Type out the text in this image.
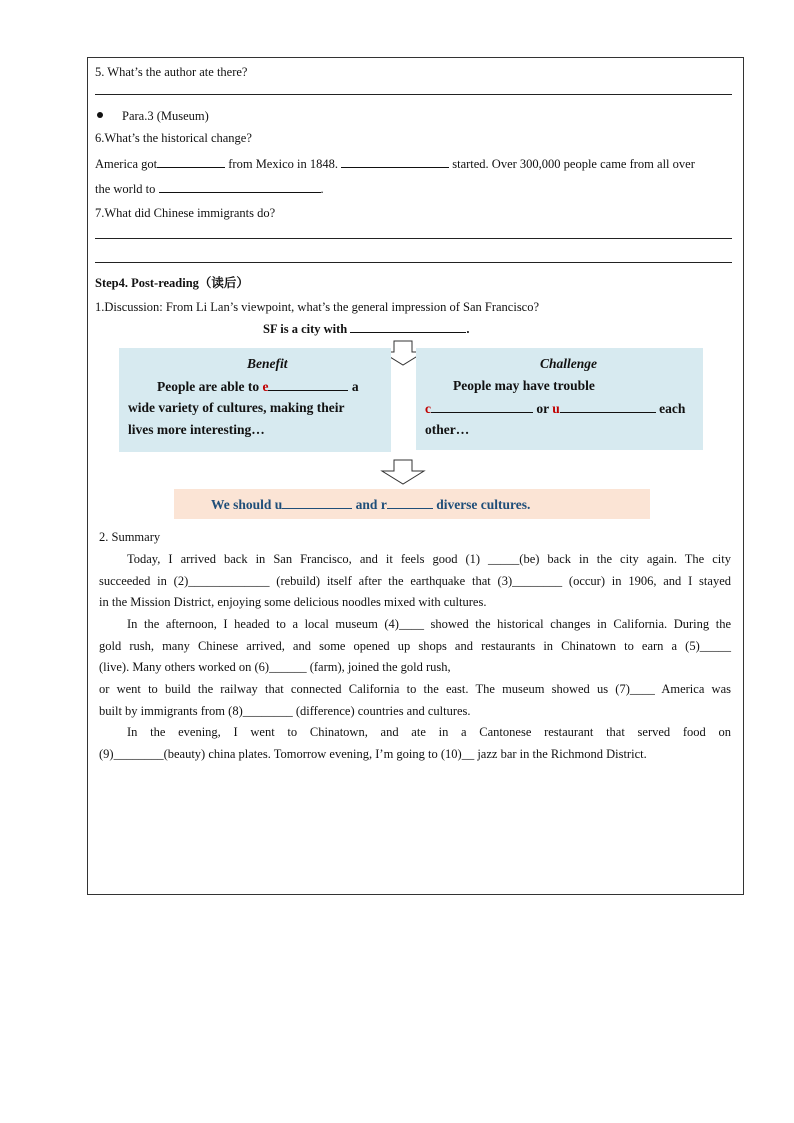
5. What’s the author ate there?
Para.3 (Museum)
6.What’s the historical change?
America got	from Mexico in 1848.	started. Over 300,000 people came from all over
the world to	.
7.What did Chinese immigrants do?
Step4. Post-reading（读后）
1.Discussion: From Li Lan’s viewpoint, what’s the general impression of San Francisco?
SF is a city with	.
Benefit
People are able to e	a
wide variety of cultures, making their
lives more interesting…
Challenge
People may have trouble
c	or u	each
other…
We should u	and r	diverse cultures.
2. Summary
Today, I arrived back in San Francisco, and it feels good (1) _____(be) back in the city again. The city
succeeded in (2)_____________ (rebuild) itself after the earthquake that (3)________ (occur) in 1906, and I stayed
in the Mission District, enjoying some delicious noodles mixed with cultures.
In the afternoon, I headed to a local museum (4)____ showed the historical changes in California. During the
gold rush, many Chinese arrived, and some opened up shops and restaurants in Chinatown to earn a (5)_____
(live). Many others worked on (6)______ (farm), joined the gold rush,
or went to build the railway that connected California to the east. The museum showed us (7)____ America was
built by immigrants from (8)________ (difference) countries and cultures.
In the evening, I went to Chinatown, and ate in a Cantonese restaurant that served food on
(9)________(beauty) china plates. Tomorrow evening, I’m going to (10)__ jazz bar in the Richmond District.
